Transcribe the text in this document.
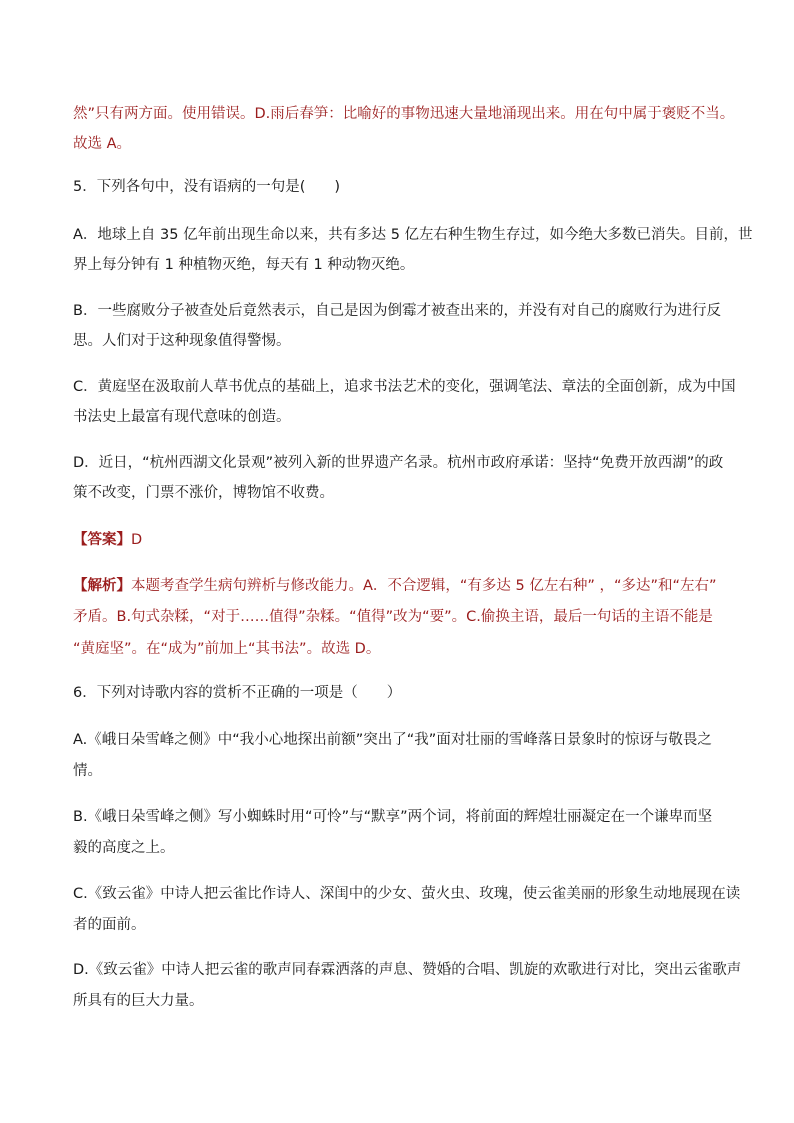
然”只有两方面。使用错误。D.雨后春笋：比喻好的事物迅速大量地涌现出来。用在句中属于褒贬不当。

故选 A。

5．下列各句中，没有语病的一句是(　　)

A．地球上自 35 亿年前出现生命以来，共有多达 5 亿左右种生物生存过，如今绝大多数已消失。目前，世

界上每分钟有 1 种植物灭绝，每天有 1 种动物灭绝。

B．一些腐败分子被查处后竟然表示，自己是因为倒霉才被查出来的，并没有对自己的腐败行为进行反

思。人们对于这种现象值得警惕。

C．黄庭坚在汲取前人草书优点的基础上，追求书法艺术的变化，强调笔法、章法的全面创新，成为中国

书法史上最富有现代意味的创造。

D．近日，“杭州西湖文化景观”被列入新的世界遗产名录。杭州市政府承诺：坚持“免费开放西湖”的政

策不改变，门票不涨价，博物馆不收费。

【答案】D

【解析】本题考查学生病句辨析与修改能力。A．不合逻辑，“有多达 5 亿左右种” ，“多达”和“左右”

矛盾。B.句式杂糅，“对于……值得”杂糅。“值得”改为“要”。C.偷换主语，最后一句话的主语不能是

“黄庭坚”。在“成为”前加上“其书法”。故选 D。

6．下列对诗歌内容的赏析不正确的一项是（　　）

A.《峨日朵雪峰之侧》中“我小心地探出前额”突出了“我”面对壮丽的雪峰落日景象时的惊讶与敬畏之

情。

B.《峨日朵雪峰之侧》写小蜘蛛时用“可怜”与“默享”两个词，将前面的辉煌壮丽凝定在一个谦卑而坚

毅的高度之上。

C.《致云雀》中诗人把云雀比作诗人、深闺中的少女、萤火虫、玫瑰，使云雀美丽的形象生动地展现在读

者的面前。

D.《致云雀》中诗人把云雀的歌声同春霖洒落的声息、赞婚的合唱、凯旋的欢歌进行对比，突出云雀歌声

所具有的巨大力量。
